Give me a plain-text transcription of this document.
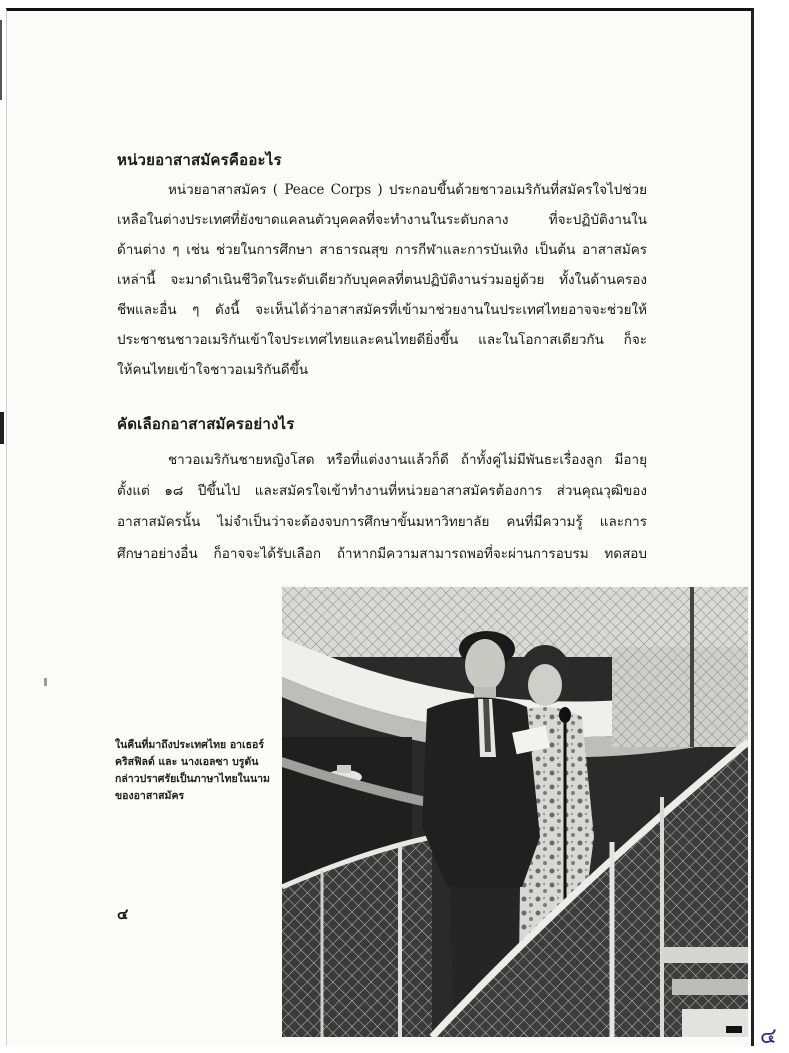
หน่วยอาสาสมัครคืออะไร
หน่วยอาสาสมัคร ( Peace Corps ) ประกอบขึ้นด้วยชาวอเมริกันที่สมัครใจไปช่วย
เหลือในต่างประเทศที่ยังขาดแคลนตัวบุคคลที่จะทำงานในระดับกลาง ที่จะปฏิบัติงานใน
ด้านต่าง ๆ เช่น ช่วยในการศึกษา สาธารณสุข การกีฬาและการบันเทิง เป็นต้น อาสาสมัคร
เหล่านี้ จะมาดำเนินชีวิตในระดับเดียวกับบุคคลที่ตนปฏิบัติงานร่วมอยู่ด้วย ทั้งในด้านครอง
ชีพและอื่น ๆ ดังนี้ จะเห็นได้ว่าอาสาสมัครที่เข้ามาช่วยงานในประเทศไทยอาจจะช่วยให้
ประชาชนชาวอเมริกันเข้าใจประเทศไทยและคนไทยดียิ่งขึ้น และในโอกาสเดียวกัน ก็จะ
ให้คนไทยเข้าใจชาวอเมริกันดีขึ้น
คัดเลือกอาสาสมัครอย่างไร
ชาวอเมริกันชายหญิงโสด หรือที่แต่งงานแล้วก็ดี ถ้าทั้งคู่ไม่มีพันธะเรื่องลูก มีอายุ
ตั้งแต่ ๑๘ ปีขึ้นไป และสมัครใจเข้าทำงานที่หน่วยอาสาสมัครต้องการ ส่วนคุณวุฒิของ
อาสาสมัครนั้น ไม่จำเป็นว่าจะต้องจบการศึกษาขั้นมหาวิทยาลัย คนที่มีความรู้ และการ
ศึกษาอย่างอื่น ก็อาจจะได้รับเลือก ถ้าหากมีความสามารถพอที่จะผ่านการอบรม ทดสอบ
ในคืนที่มาถึงประเทศไทย อาเธอร์
คริสฟิลด์ และ นางเอลซา บรูตัน
กล่าวปราศรัยเป็นภาษาไทยในนาม
ของอาสาสมัคร
๔
๔
